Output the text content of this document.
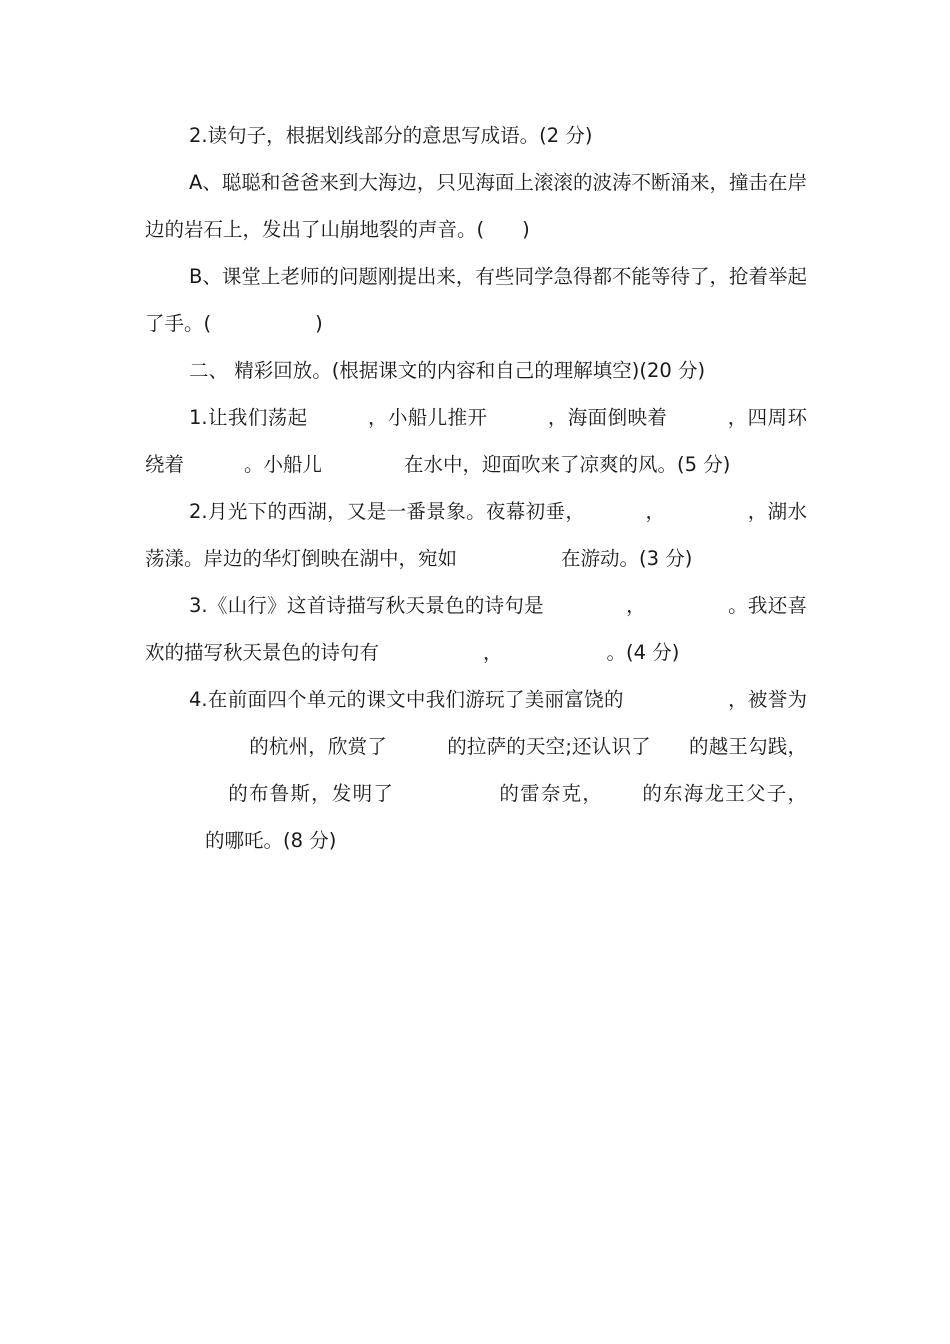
2.读句子，根据划线部分的意思写成语。(2 分)

A、聪聪和爸爸来到大海边，只见海面上滚滚的波涛不断涌来，撞击在岸边的岩石上，发出了山崩地裂的声音。( )

B、课堂上老师的问题刚提出来，有些同学急得都不能等待了，抢着举起了手。(	)

二、 精彩回放。(根据课文的内容和自己的理解填空)(20 分)

1.让我们荡起	，小船儿推开	，海面倒映着	，四周环绕着	。小船儿	在水中，迎面吹来了凉爽的风。(5 分)

2.月光下的西湖，又是一番景象。夜幕初垂，	，	，湖水荡漾。岸边的华灯倒映在湖中，宛如	在游动。(3 分)

3.《山行》这首诗描写秋天景色的诗句是	，	。我还喜欢的描写秋天景色的诗句有	，	。(4 分)

4.在前面四个单元的课文中我们游玩了美丽富饶的	，被誉为的杭州，欣赏了	的拉萨的天空;还认识了 的越王勾践，的布鲁斯，发明了	的雷奈克， 的东海龙王父子，的哪吒。(8 分)
